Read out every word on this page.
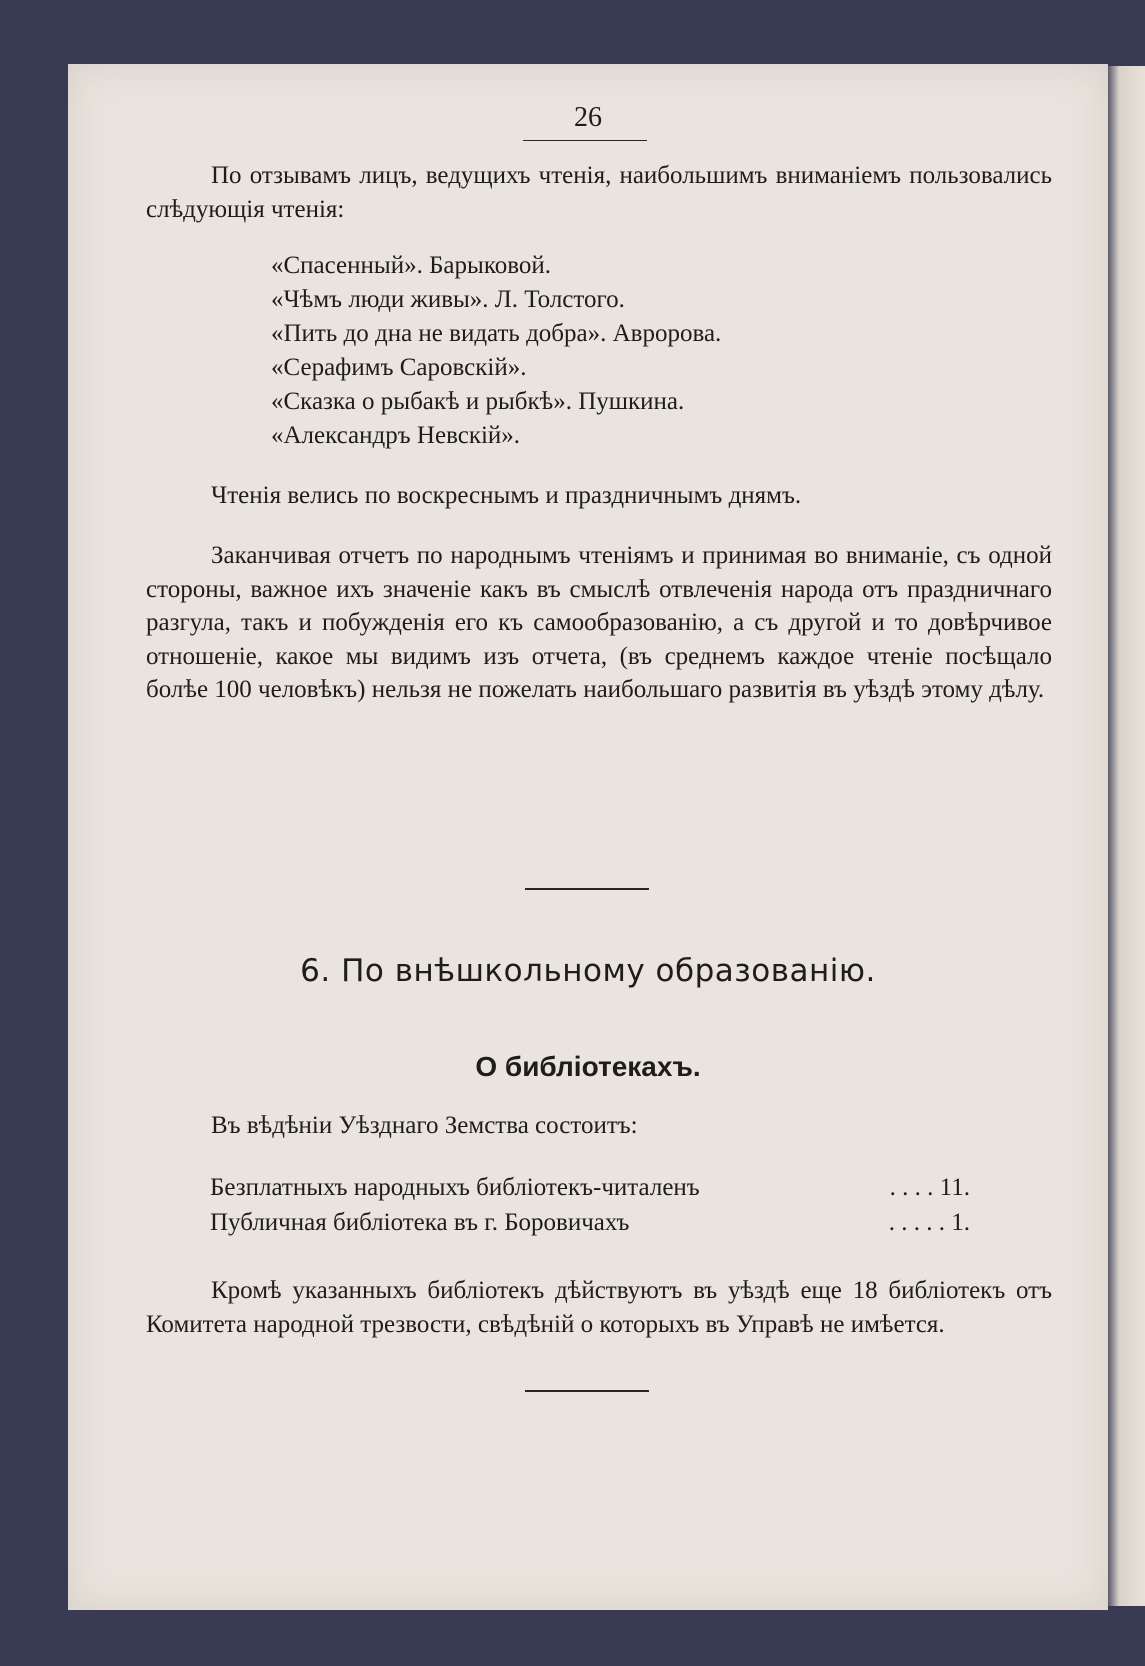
26
По отзывамъ лицъ, ведущихъ чтенія, наибольшимъ вниманіемъ пользовались слѣдующія чтенія:
«Спасенный». Барыковой.
«Чѣмъ люди живы». Л. Толстого.
«Пить до дна не видать добра». Авророва.
«Серафимъ Саровскій».
«Сказка о рыбакѣ и рыбкѣ». Пушкина.
«Александръ Невскій».
Чтенія велись по воскреснымъ и праздничнымъ днямъ.
Заканчивая отчетъ по народнымъ чтеніямъ и принимая во вниманіе, съ одной стороны, важное ихъ значеніе какъ въ смыслѣ отвлеченія народа отъ праздничнаго разгула, такъ и побужденія его къ самообразованію, а съ другой и то довѣрчивое отношеніе, какое мы видимъ изъ отчета, (въ среднемъ каждое чтеніе посѣщало болѣе 100 человѣкъ) нельзя не пожелать наибольшаго развитія въ уѣздѣ этому дѣлу.
6. По внѣшкольному образованію.
О библіотекахъ.
Въ вѣдѣніи Уѣзднаго Земства состоитъ:
Безплатныхъ народныхъ библіотекъ-читаленъ	. . . . 11.
Публичная библіотека въ г. Боровичахъ	. . . . . 1.
Кромѣ указанныхъ библіотекъ дѣйствуютъ въ уѣздѣ еще 18 библіотекъ отъ Комитета народной трезвости, свѣдѣній о которыхъ въ Управѣ не имѣется.
